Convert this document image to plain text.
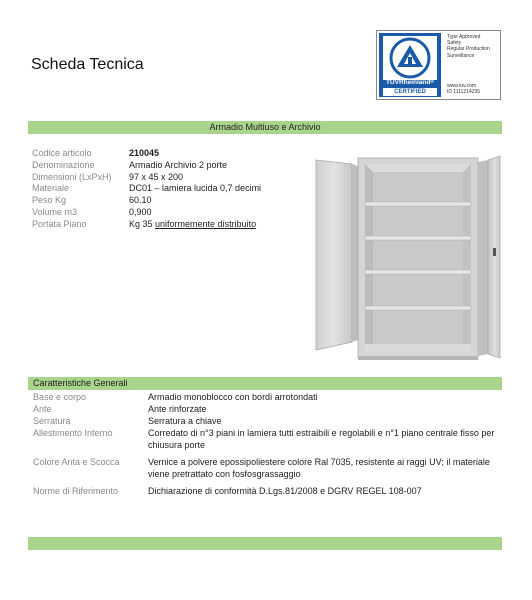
Scheda Tecnica
TÜVRheinland®
CERTIFIED
Type Approved
Safety
Regular Production
Surveillance
www.tuv.com
ID 1111214235
Armadio Multiuso e Archivio
Codice articolo	210045
Denominazione	Armadio Archivio 2 porte
Dimensioni (LxPxH) 97 x 45 x 200
Materiale	DC01 – lamiera lucida 0,7 decimi
Peso Kg	60.10
Volume m3	0,900
Portata Piano	Kg 35 uniformemente distribuito
Caratteristiche Generali
Base e corpo	Armadio monoblocco con bordi arrotondati
Ante	Ante rinforzate
Serratura	Serratura a chiave
Allestimento Interno	Corredato di n°3 piani in lamiera tutti estraibili e regolabili e n°1 piano centrale fisso per chiusura porte
Colore Anta e Scocca	Vernice a polvere epossipoliestere colore Ral 7035, resistente ai raggi UV; il materiale viene pretrattato con fosfosgrassaggio
Norme di Riferimento	Dichiarazione di conformità D.Lgs.81/2008 e DGRV REGEL 108-007
